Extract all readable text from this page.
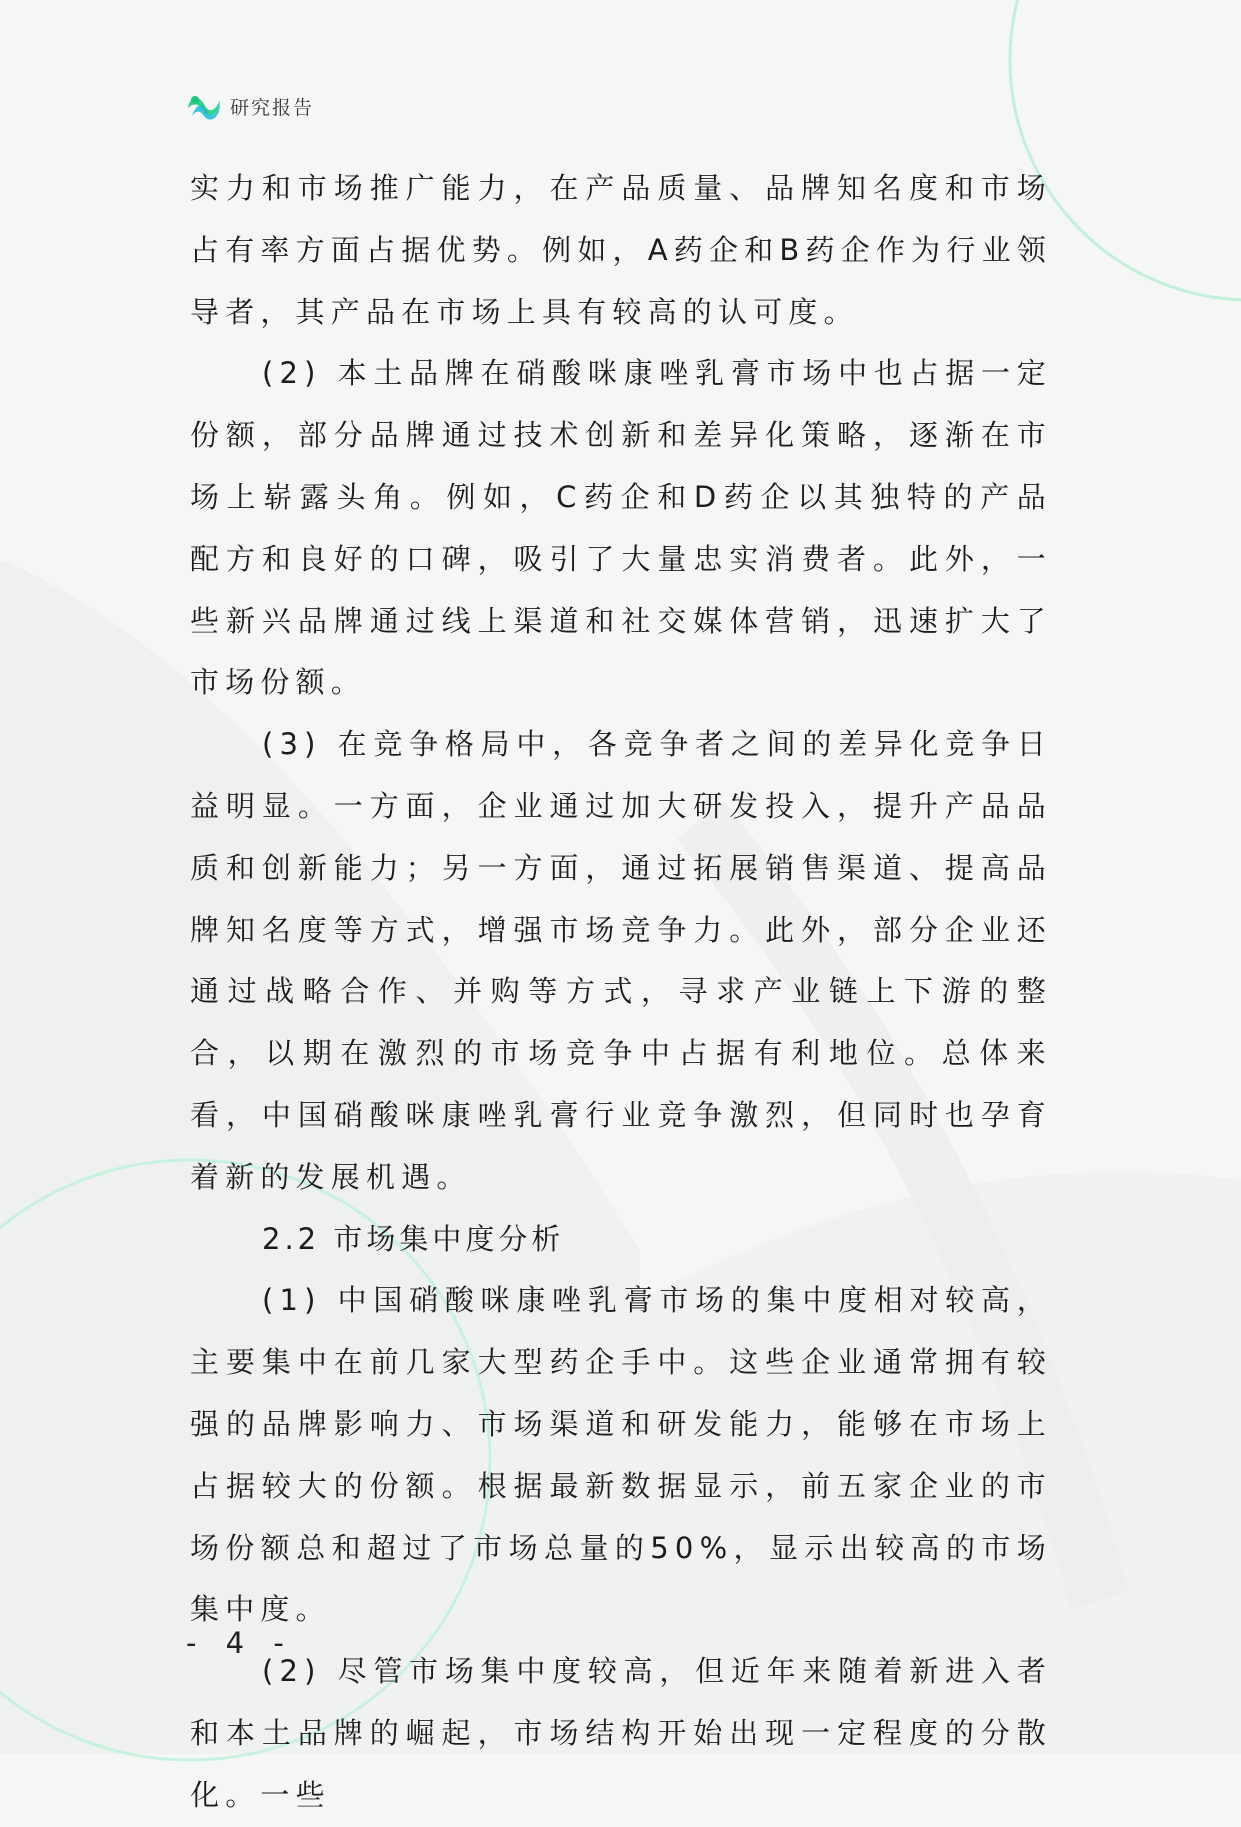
研究报告

实力和市场推广能力，在产品质量、品牌知名度和市场占有率方面占据优势。例如，A药企和B药企作为行业领导者，其产品在市场上具有较高的认可度。

(2) 本土品牌在硝酸咪康唑乳膏市场中也占据一定份额，部分品牌通过技术创新和差异化策略，逐渐在市场上崭露头角。例如，C药企和D药企以其独特的产品配方和良好的口碑，吸引了大量忠实消费者。此外，一些新兴品牌通过线上渠道和社交媒体营销，迅速扩大了市场份额。

(3) 在竞争格局中，各竞争者之间的差异化竞争日益明显。一方面，企业通过加大研发投入，提升产品品质和创新能力；另一方面，通过拓展销售渠道、提高品牌知名度等方式，增强市场竞争力。此外，部分企业还通过战略合作、并购等方式，寻求产业链上下游的整合，以期在激烈的市场竞争中占据有利地位。总体来看，中国硝酸咪康唑乳膏行业竞争激烈，但同时也孕育着新的发展机遇。

2.2 市场集中度分析

(1) 中国硝酸咪康唑乳膏市场的集中度相对较高，主要集中在前几家大型药企手中。这些企业通常拥有较强的品牌影响力、市场渠道和研发能力，能够在市场上占据较大的份额。根据最新数据显示，前五家企业的市场份额总和超过了市场总量的50%，显示出较高的市场集中度。

(2) 尽管市场集中度较高，但近年来随着新进入者和本土品牌的崛起，市场结构开始出现一定程度的分散化。一些

- 4 -
